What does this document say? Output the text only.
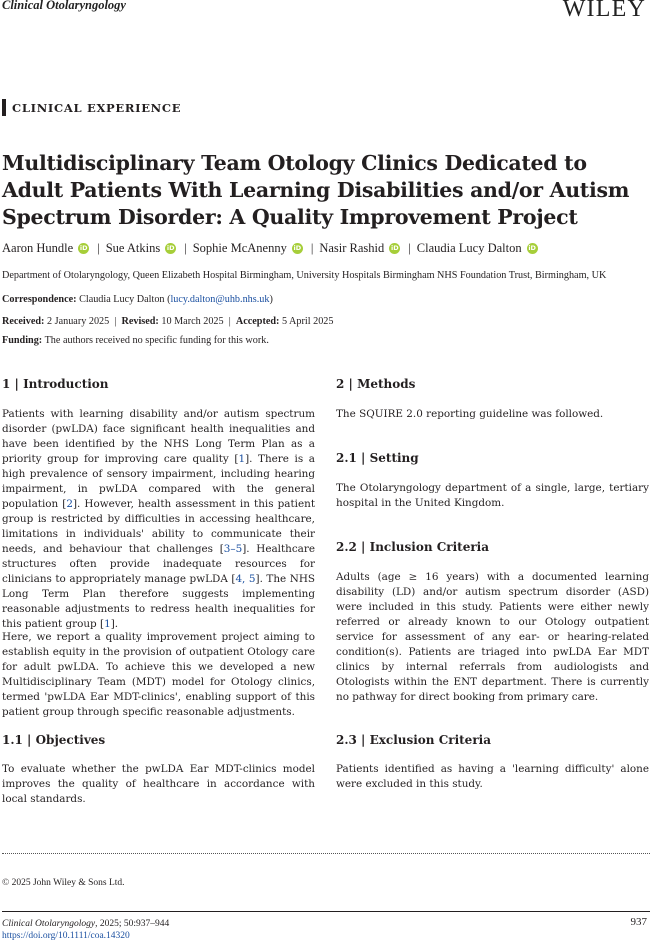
Clinical Otolaryngology	WILEY
CLINICAL EXPERIENCE
Multidisciplinary Team Otology Clinics Dedicated to Adult Patients With Learning Disabilities and/or Autism Spectrum Disorder: A Quality Improvement Project
Aaron Hundle iD | Sue Atkins iD | Sophie McAnenny iD | Nasir Rashid iD | Claudia Lucy Dalton iD
Department of Otolaryngology, Queen Elizabeth Hospital Birmingham, University Hospitals Birmingham NHS Foundation Trust, Birmingham, UK
Correspondence: Claudia Lucy Dalton (lucy.dalton@uhb.nhs.uk)
Received: 2 January 2025  |  Revised: 10 March 2025  |  Accepted: 5 April 2025
Funding: The authors received no specific funding for this work.
1 | Introduction

Patients with learning disability and/or autism spectrum disorder (pwLDA) face significant health inequalities and have been identified by the NHS Long Term Plan as a priority group for improving care quality [1]. There is a high prevalence of sensory impairment, including hearing impairment, in pwLDA compared with the general population [2]. However, health assessment in this patient group is restricted by difficulties in accessing healthcare, limitations in individuals' ability to communicate their needs, and behaviour that challenges [3–5]. Healthcare structures often provide inadequate resources for clinicians to appropriately manage pwLDA [4, 5]. The NHS Long Term Plan therefore suggests implementing reasonable adjustments to redress health inequalities for this patient group [1].

Here, we report a quality improvement project aiming to establish equity in the provision of outpatient Otology care for adult pwLDA. To achieve this we developed a new Multidisciplinary Team (MDT) model for Otology clinics, termed 'pwLDA Ear MDT-clinics', enabling support of this patient group through specific reasonable adjustments.

1.1 | Objectives

To evaluate whether the pwLDA Ear MDT-clinics model improves the quality of healthcare in accordance with local standards.

2 | Methods

The SQUIRE 2.0 reporting guideline was followed.

2.1 | Setting

The Otolaryngology department of a single, large, tertiary hospital in the United Kingdom.

2.2 | Inclusion Criteria

Adults (age ≥ 16 years) with a documented learning disability (LD) and/or autism spectrum disorder (ASD) were included in this study. Patients were either newly referred or already known to our Otology outpatient service for assessment of any ear- or hearing-related condition(s). Patients are triaged into pwLDA Ear MDT clinics by internal referrals from audiologists and Otologists within the ENT department. There is currently no pathway for direct booking from primary care.

2.3 | Exclusion Criteria

Patients identified as having a 'learning difficulty' alone were excluded in this study.

© 2025 John Wiley & Sons Ltd.
Clinical Otolaryngology, 2025; 50:937–944
https://doi.org/10.1111/coa.14320
937
